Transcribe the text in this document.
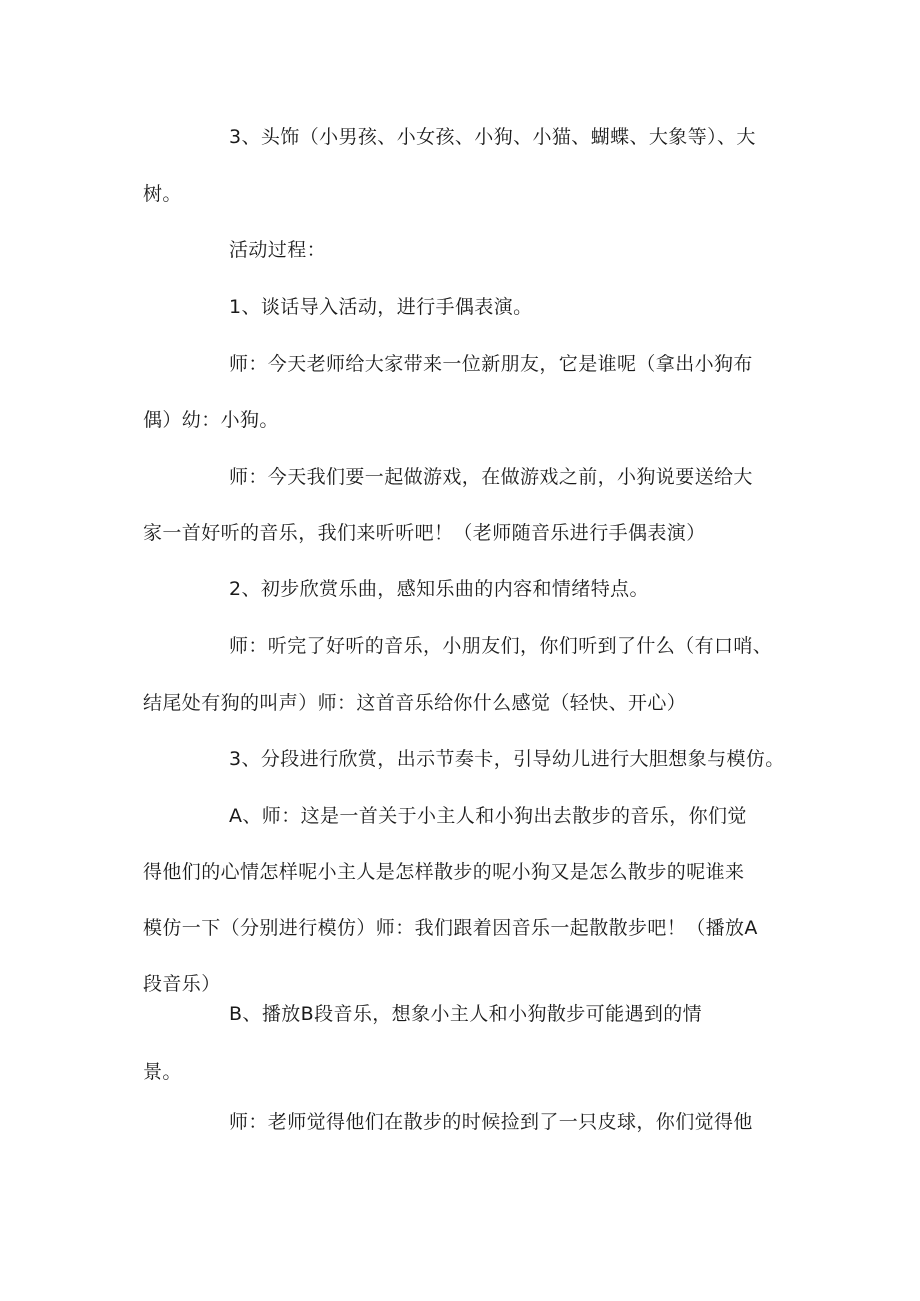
3、头饰（小男孩、小女孩、小狗、小猫、蝴蝶、大象等）、大
树。
活动过程：
1、谈话导入活动，进行手偶表演。
师：今天老师给大家带来一位新朋友，它是谁呢（拿出小狗布
偶）幼：小狗。
师：今天我们要一起做游戏，在做游戏之前，小狗说要送给大
家一首好听的音乐，我们来听听吧！（老师随音乐进行手偶表演）
2、初步欣赏乐曲，感知乐曲的内容和情绪特点。
师：听完了好听的音乐，小朋友们，你们听到了什么（有口哨、
结尾处有狗的叫声）师：这首音乐给你什么感觉（轻快、开心）
3、分段进行欣赏，出示节奏卡，引导幼儿进行大胆想象与模仿。
A、师：这是一首关于小主人和小狗出去散步的音乐，你们觉
得他们的心情怎样呢小主人是怎样散步的呢小狗又是怎么散步的呢谁来
模仿一下（分别进行模仿）师：我们跟着因音乐一起散散步吧！（播放A
段音乐）
B、播放B段音乐，想象小主人和小狗散步可能遇到的情
景。
师：老师觉得他们在散步的时候捡到了一只皮球，你们觉得他
